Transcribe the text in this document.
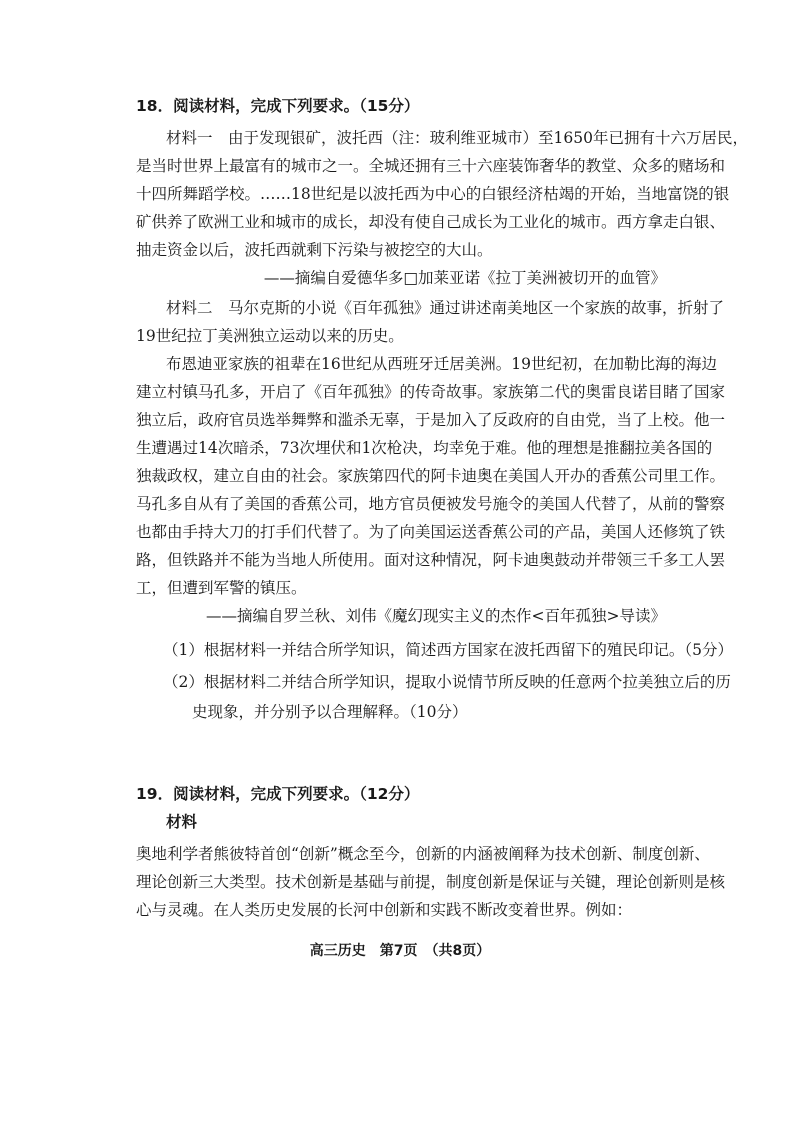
18．阅读材料，完成下列要求。（15分）
材料一　由于发现银矿，波托西（注：玻利维亚城市）至1650年已拥有十六万居民，
是当时世界上最富有的城市之一。全城还拥有三十六座装饰奢华的教堂、众多的赌场和
十四所舞蹈学校。……18世纪是以波托西为中心的白银经济枯竭的开始，当地富饶的银
矿供养了欧洲工业和城市的成长，却没有使自己成长为工业化的城市。西方拿走白银、
抽走资金以后，波托西就剩下污染与被挖空的大山。
——摘编自爱德华多□加莱亚诺《拉丁美洲被切开的血管》
材料二　马尔克斯的小说《百年孤独》通过讲述南美地区一个家族的故事，折射了
19世纪拉丁美洲独立运动以来的历史。
布恩迪亚家族的祖辈在16世纪从西班牙迁居美洲。19世纪初，在加勒比海的海边
建立村镇马孔多，开启了《百年孤独》的传奇故事。家族第二代的奥雷良诺目睹了国家
独立后，政府官员选举舞弊和滥杀无辜，于是加入了反政府的自由党，当了上校。他一
生遭遇过14次暗杀，73次埋伏和1次枪决，均幸免于难。他的理想是推翻拉美各国的
独裁政权，建立自由的社会。家族第四代的阿卡迪奥在美国人开办的香蕉公司里工作。
马孔多自从有了美国的香蕉公司，地方官员便被发号施令的美国人代替了，从前的警察
也都由手持大刀的打手们代替了。为了向美国运送香蕉公司的产品，美国人还修筑了铁
路，但铁路并不能为当地人所使用。面对这种情况，阿卡迪奥鼓动并带领三千多工人罢
工，但遭到军警的镇压。
——摘编自罗兰秋、刘伟《魔幻现实主义的杰作<百年孤独>导读》
（1）根据材料一并结合所学知识，简述西方国家在波托西留下的殖民印记。（5分）
（2）根据材料二并结合所学知识，提取小说情节所反映的任意两个拉美独立后的历
史现象，并分别予以合理解释。（10分）
19．阅读材料，完成下列要求。（12分）
材料
奥地利学者熊彼特首创“创新”概念至今，创新的内涵被阐释为技术创新、制度创新、
理论创新三大类型。技术创新是基础与前提，制度创新是保证与关键，理论创新则是核
心与灵魂。在人类历史发展的长河中创新和实践不断改变着世界。例如：
高三历史　第7页　（共8页）
